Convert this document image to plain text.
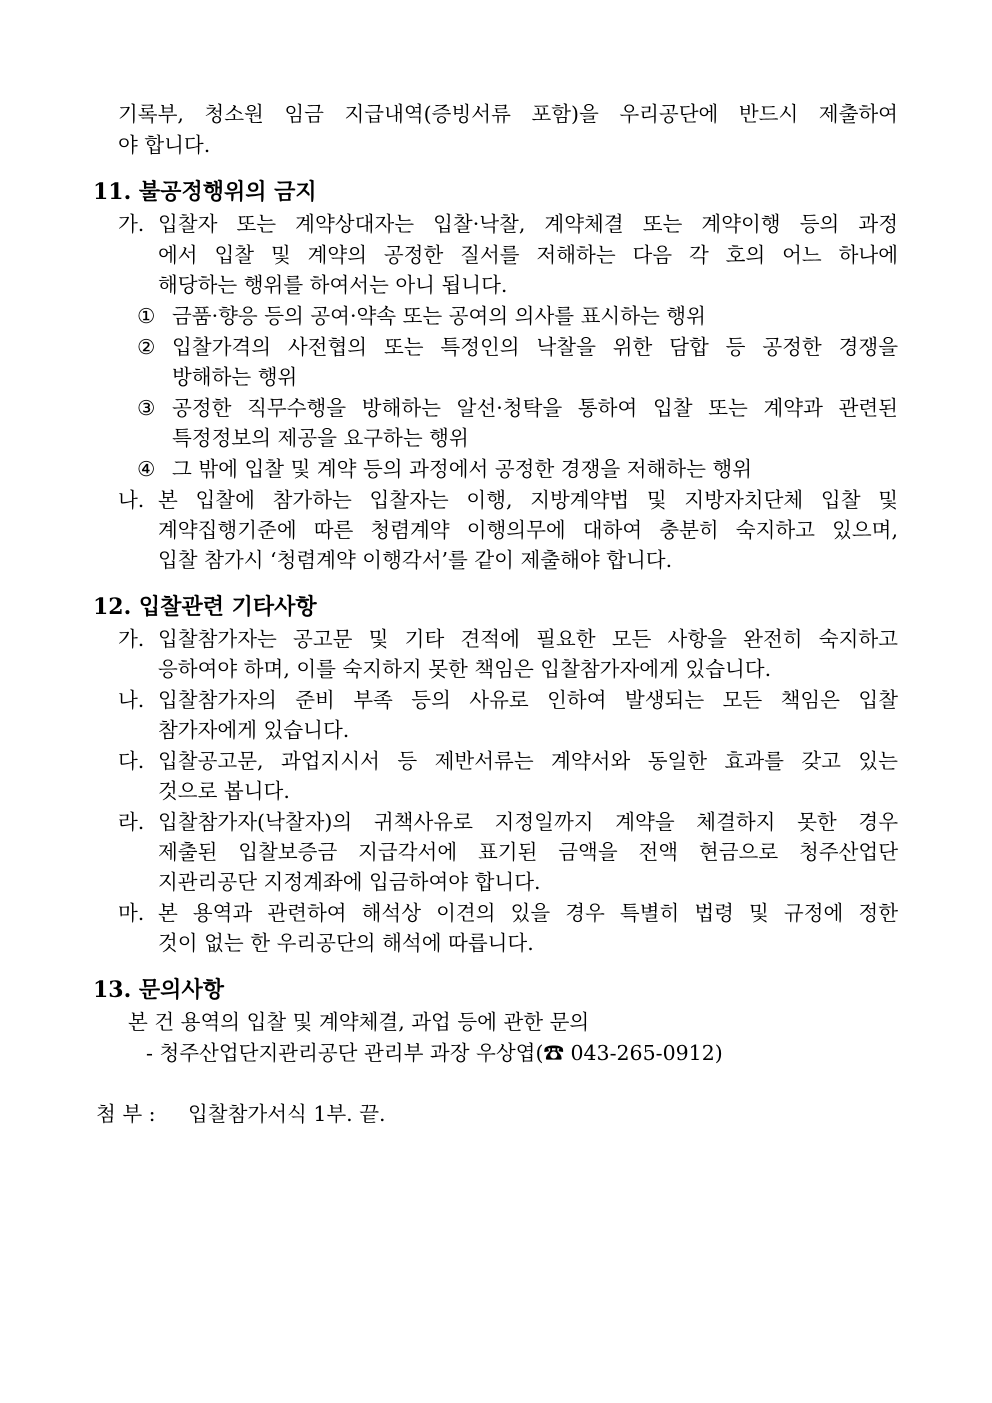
기록부, 청소원 임금 지급내역(증빙서류 포함)을 우리공단에 반드시 제출하여
야 합니다.
11. 불공정행위의 금지
가. 입찰자 또는 계약상대자는 입찰·낙찰, 계약체결 또는 계약이행 등의 과정
에서 입찰 및 계약의 공정한 질서를 저해하는 다음 각 호의 어느 하나에
해당하는 행위를 하여서는 아니 됩니다.
① 금품·향응 등의 공여·약속 또는 공여의 의사를 표시하는 행위
② 입찰가격의 사전협의 또는 특정인의 낙찰을 위한 담합 등 공정한 경쟁을
방해하는 행위
③ 공정한 직무수행을 방해하는 알선·청탁을 통하여 입찰 또는 계약과 관련된
특정정보의 제공을 요구하는 행위
④ 그 밖에 입찰 및 계약 등의 과정에서 공정한 경쟁을 저해하는 행위
나. 본 입찰에 참가하는 입찰자는 이행, 지방계약법 및 지방자치단체 입찰 및
계약집행기준에 따른 청렴계약 이행의무에 대하여 충분히 숙지하고 있으며,
입찰 참가시 ‘청렴계약 이행각서’를 같이 제출해야 합니다.
12. 입찰관련 기타사항
가. 입찰참가자는 공고문 및 기타 견적에 필요한 모든 사항을 완전히 숙지하고
응하여야 하며, 이를 숙지하지 못한 책임은 입찰참가자에게 있습니다.
나. 입찰참가자의 준비 부족 등의 사유로 인하여 발생되는 모든 책임은 입찰
참가자에게 있습니다.
다. 입찰공고문, 과업지시서 등 제반서류는 계약서와 동일한 효과를 갖고 있는
것으로 봅니다.
라. 입찰참가자(낙찰자)의 귀책사유로 지정일까지 계약을 체결하지 못한 경우
제출된 입찰보증금 지급각서에 표기된 금액을 전액 현금으로 청주산업단
지관리공단 지정계좌에 입금하여야 합니다.
마. 본 용역과 관련하여 해석상 이견의 있을 경우 특별히 법령 및 규정에 정한
것이 없는 한 우리공단의 해석에 따릅니다.
13. 문의사항
본 건 용역의 입찰 및 계약체결, 과업 등에 관한 문의
- 청주산업단지관리공단 관리부 과장 우상엽(☎ 043-265-0912)
첨 부 : 입찰참가서식 1부. 끝.
